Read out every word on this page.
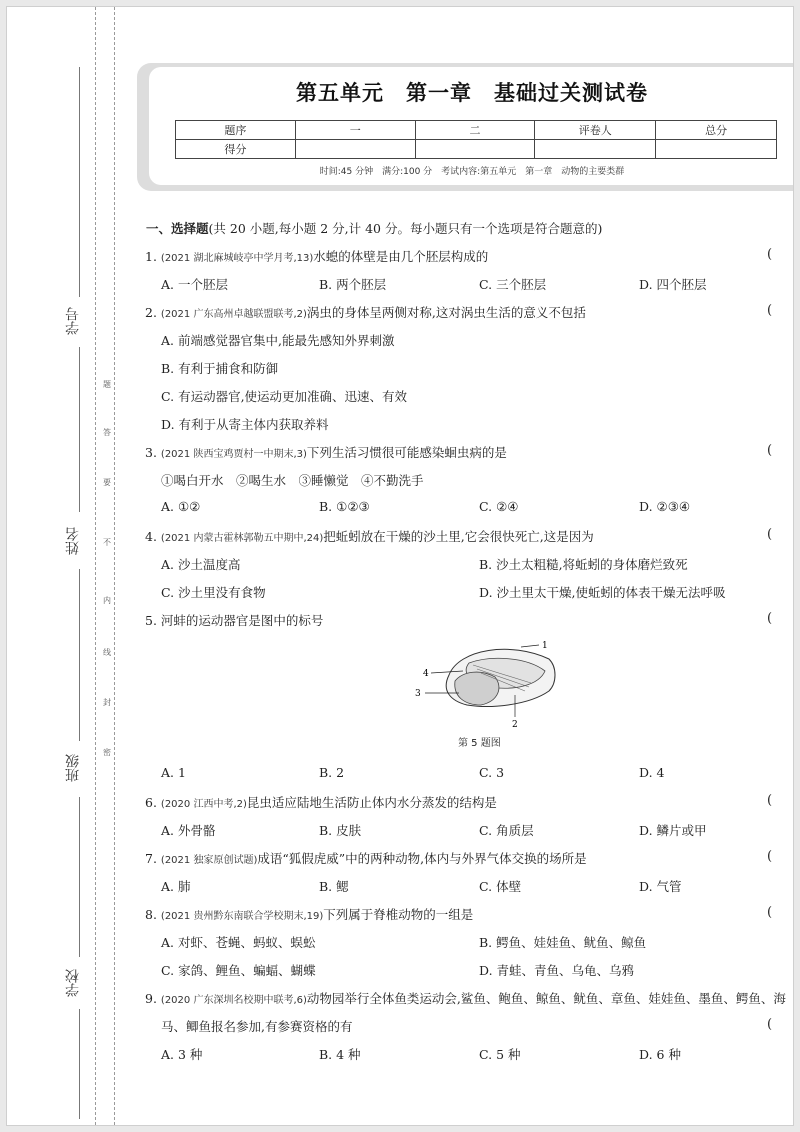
学号
姓名
班级
学校
题
答
要
不
内
线
封
密
第五单元　第一章　基础过关测试卷
题序	一	二	评卷人	总分
得分				
时间:45 分钟　满分:100 分　考试内容:第五单元　第一章　动物的主要类群
一、选择题(共 20 小题,每小题 2 分,计 40 分。每小题只有一个选项是符合题意的)
1. (2021 湖北麻城岐亭中学月考,13)水螅的体壁是由几个胚层构成的	(
A. 一个胚层	B. 两个胚层	C. 三个胚层	D. 四个胚层
2. (2021 广东高州卓越联盟联考,2)涡虫的身体呈两侧对称,这对涡虫生活的意义不包括	(
A. 前端感觉器官集中,能最先感知外界刺激
B. 有利于捕食和防御
C. 有运动器官,使运动更加准确、迅速、有效
D. 有利于从寄主体内获取养料
3. (2021 陕西宝鸡贾村一中期末,3)下列生活习惯很可能感染蛔虫病的是	(
①喝白开水　②喝生水　③睡懒觉　④不勤洗手
A. ①②	B. ①②③	C. ②④	D. ②③④
4. (2021 内蒙古霍林郭勒五中期中,24)把蚯蚓放在干燥的沙土里,它会很快死亡,这是因为	(
A. 沙土温度高	B. 沙土太粗糙,将蚯蚓的身体磨烂致死
C. 沙土里没有食物	D. 沙土里太干燥,使蚯蚓的体表干燥无法呼吸
5. 河蚌的运动器官是图中的标号	(
1
2
3
4
第 5 题图
A. 1	B. 2	C. 3	D. 4
6. (2020 江西中考,2)昆虫适应陆地生活防止体内水分蒸发的结构是	(
A. 外骨骼	B. 皮肤	C. 角质层	D. 鳞片或甲
7. (2021 独家原创试题)成语“狐假虎威”中的两种动物,体内与外界气体交换的场所是	(
A. 肺	B. 鳃	C. 体壁	D. 气管
8. (2021 贵州黔东南联合学校期末,19)下列属于脊椎动物的一组是	(
A. 对虾、苍蝇、蚂蚁、蜈蚣	B. 鳄鱼、娃娃鱼、鱿鱼、鲸鱼
C. 家鸽、鲤鱼、蝙蝠、蝴蝶	D. 青蛙、青鱼、乌龟、乌鸦
9. (2020 广东深圳名校期中联考,6)动物园举行全体鱼类运动会,鲨鱼、鲍鱼、鲸鱼、鱿鱼、章鱼、娃娃鱼、墨鱼、鳄鱼、海
马、鲫鱼报名参加,有参赛资格的有	(
A. 3 种	B. 4 种	C. 5 种	D. 6 种
